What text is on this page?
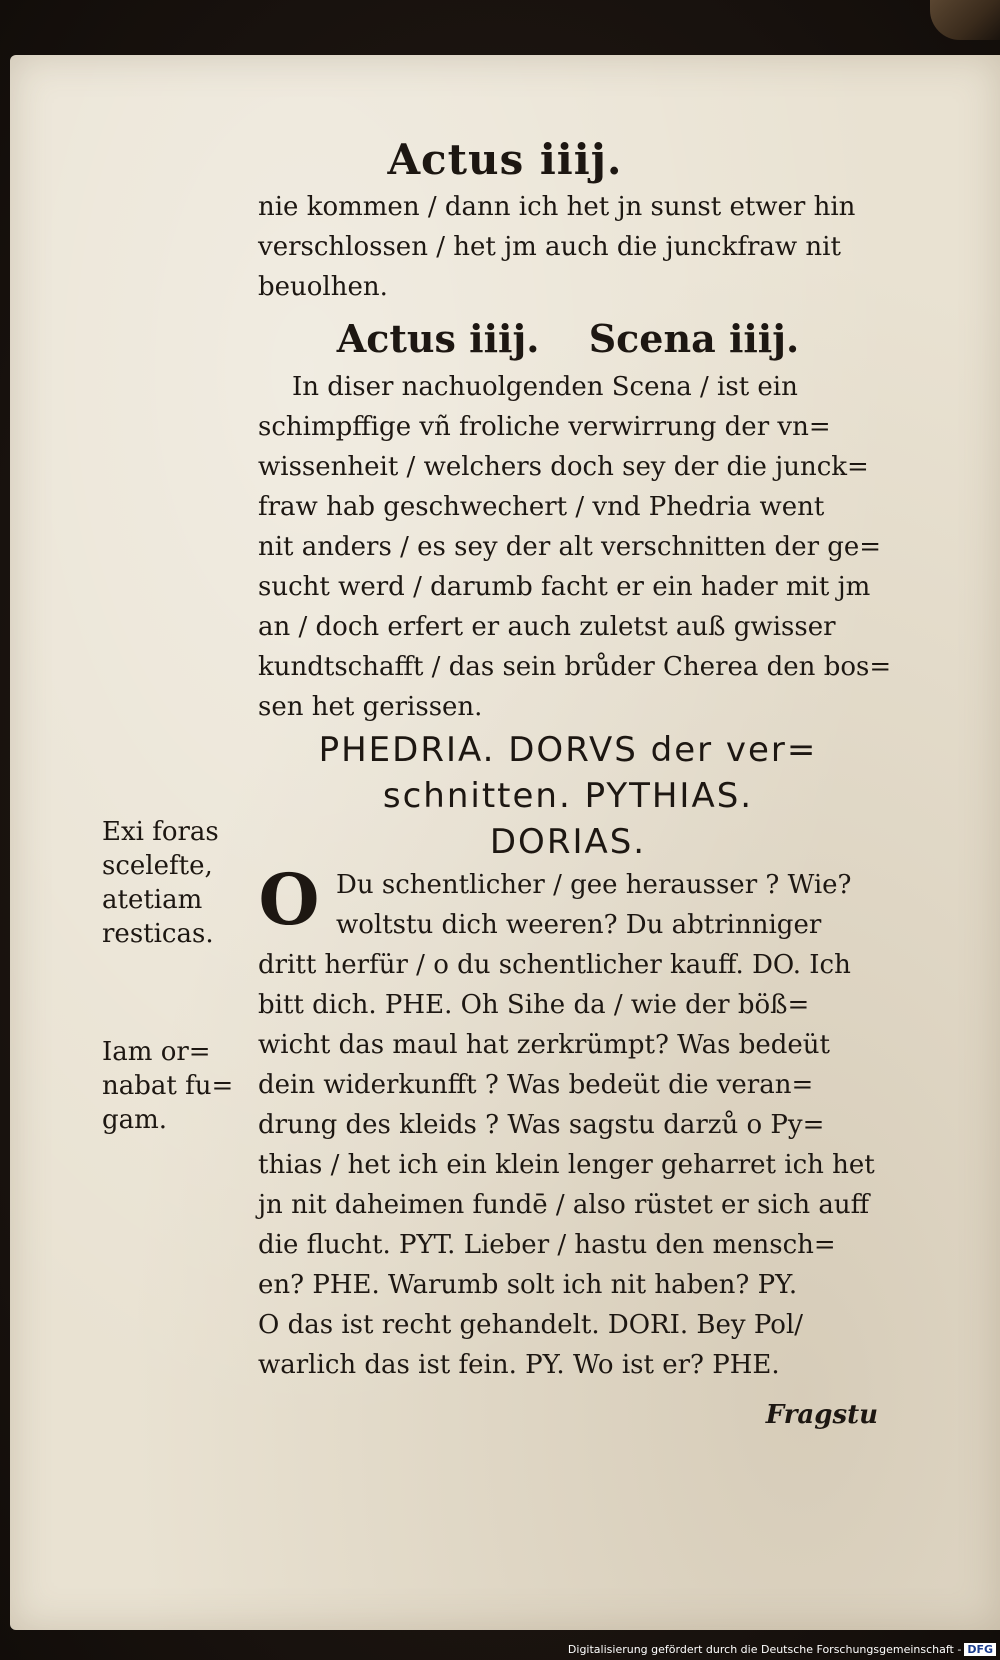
Actus iiij.
nie kommen / dann ich het jn sunst etwer hin
verschlossen / het jm auch die junckfraw nit
beuolhen.
Actus iiij. Scena iiij.
In diser nachuolgenden Scena / ist ein
schimpffige vñ froliche verwirrung der vn=
wissenheit / welchers doch sey der die junck=
fraw hab geschwechert / vnd Phedria went
nit anders / es sey der alt verschnitten der ge=
sucht werd / darumb facht er ein hader mit jm
an / doch erfert er auch zuletst auß gwisser
kundtschafft / das sein brůder Cherea den bos=
sen het gerissen.
PHEDRIA. DORVS der ver=
schnitten. PYTHIAS.
DORIAS.
O Du schentlicher / gee herausser ? Wie?
woltstu dich weeren? Du abtrinniger
dritt herfür / o du schentlicher kauff. DO. Ich
bitt dich. PHE. Oh Sihe da / wie der böß=
wicht das maul hat zerkrümpt? Was bedeüt
dein widerkunfft ? Was bedeüt die veran=
drung des kleids ? Was sagstu darzů o Py=
thias / het ich ein klein lenger geharret ich het
jn nit daheimen fundē / also rüstet er sich auff
die flucht. PYT. Lieber / hastu den mensch=
en? PHE. Warumb solt ich nit haben? PY.
O das ist recht gehandelt. DORI. Bey Pol/
warlich das ist fein. PY. Wo ist er? PHE.
Fragstu
Exi foras
scelefte,
atetiam
resticas.
Iam or=
nabat fu=
gam.
Digitalisierung gefördert durch die Deutsche Forschungsgemeinschaft - DFG
